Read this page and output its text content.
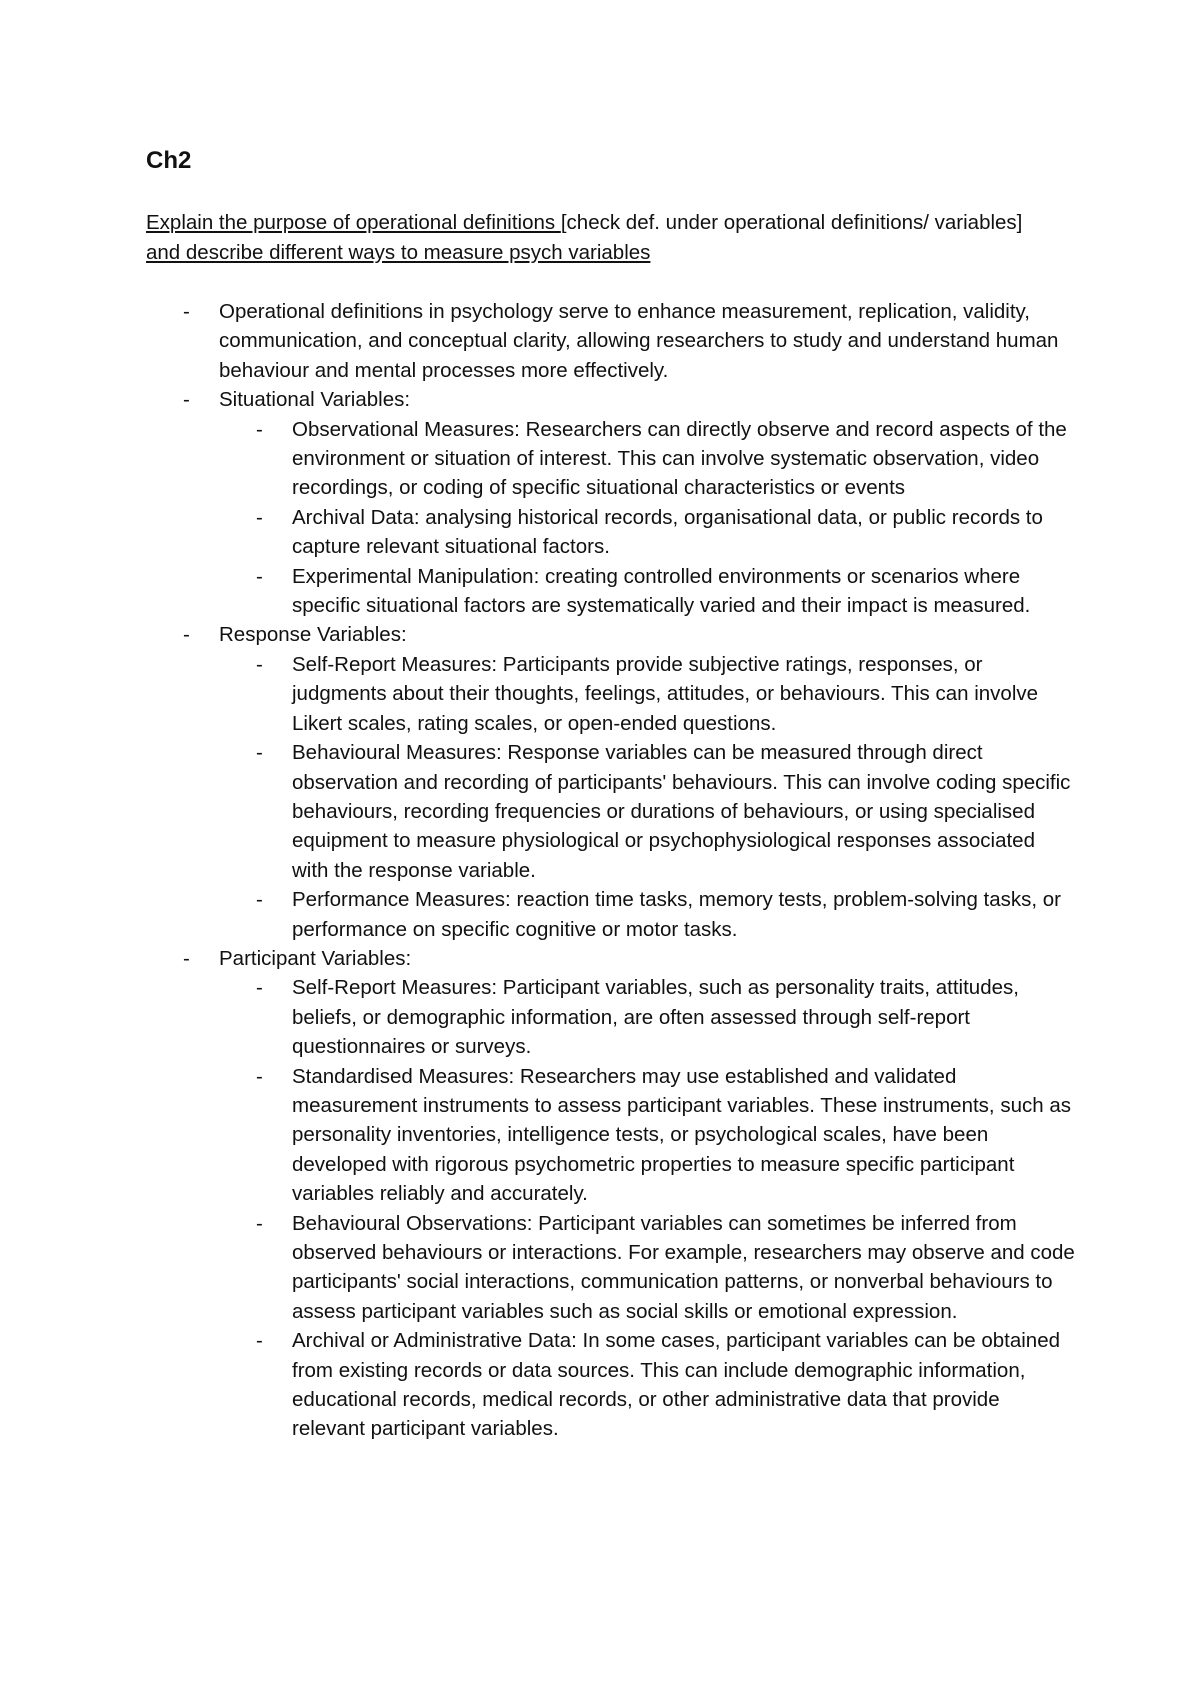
Ch2

Explain the purpose of operational definitions [check def. under operational definitions/ variables] and describe different ways to measure psych variables

- Operational definitions in psychology serve to enhance measurement, replication, validity, communication, and conceptual clarity, allowing researchers to study and understand human behaviour and mental processes more effectively.
- Situational Variables:
- Observational Measures: Researchers can directly observe and record aspects of the environment or situation of interest. This can involve systematic observation, video recordings, or coding of specific situational characteristics or events
- Archival Data: analysing historical records, organisational data, or public records to capture relevant situational factors.
- Experimental Manipulation: creating controlled environments or scenarios where specific situational factors are systematically varied and their impact is measured.
- Response Variables:
- Self-Report Measures: Participants provide subjective ratings, responses, or judgments about their thoughts, feelings, attitudes, or behaviours. This can involve Likert scales, rating scales, or open-ended questions.
- Behavioural Measures: Response variables can be measured through direct observation and recording of participants' behaviours. This can involve coding specific behaviours, recording frequencies or durations of behaviours, or using specialised equipment to measure physiological or psychophysiological responses associated with the response variable.
- Performance Measures: reaction time tasks, memory tests, problem-solving tasks, or performance on specific cognitive or motor tasks.
- Participant Variables:
- Self-Report Measures: Participant variables, such as personality traits, attitudes, beliefs, or demographic information, are often assessed through self-report questionnaires or surveys.
- Standardised Measures: Researchers may use established and validated measurement instruments to assess participant variables. These instruments, such as personality inventories, intelligence tests, or psychological scales, have been developed with rigorous psychometric properties to measure specific participant variables reliably and accurately.
- Behavioural Observations: Participant variables can sometimes be inferred from observed behaviours or interactions. For example, researchers may observe and code participants' social interactions, communication patterns, or nonverbal behaviours to assess participant variables such as social skills or emotional expression.
- Archival or Administrative Data: In some cases, participant variables can be obtained from existing records or data sources. This can include demographic information, educational records, medical records, or other administrative data that provide relevant participant variables.
